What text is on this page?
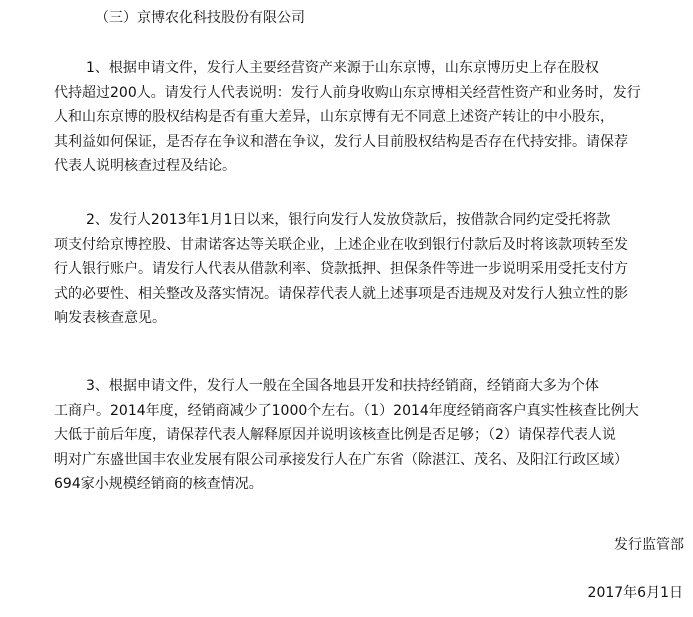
（三）京博农化科技股份有限公司
1、根据申请文件，发行人主要经营资产来源于山东京博，山东京博历史上存在股权
代持超过200人。请发行人代表说明：发行人前身收购山东京博相关经营性资产和业务时，发行
人和山东京博的股权结构是否有重大差异，山东京博有无不同意上述资产转让的中小股东，
其利益如何保证，是否存在争议和潜在争议，发行人目前股权结构是否存在代持安排。请保荐
代表人说明核查过程及结论。
2、发行人2013年1月1日以来，银行向发行人发放贷款后，按借款合同约定受托将款
项支付给京博控股、甘肃诺客达等关联企业，上述企业在收到银行付款后及时将该款项转至发
行人银行账户。请发行人代表从借款利率、贷款抵押、担保条件等进一步说明采用受托支付方
式的必要性、相关整改及落实情况。请保荐代表人就上述事项是否违规及对发行人独立性的影
响发表核查意见。
3、根据申请文件，发行人一般在全国各地县开发和扶持经销商，经销商大多为个体
工商户。2014年度，经销商减少了1000个左右。（1）2014年度经销商客户真实性核查比例大
大低于前后年度，请保荐代表人解释原因并说明该核查比例是否足够；（2）请保荐代表人说
明对广东盛世国丰农业发展有限公司承接发行人在广东省（除湛江、茂名、及阳江行政区域）
694家小规模经销商的核查情况。
发行监管部
2017年6月1日
